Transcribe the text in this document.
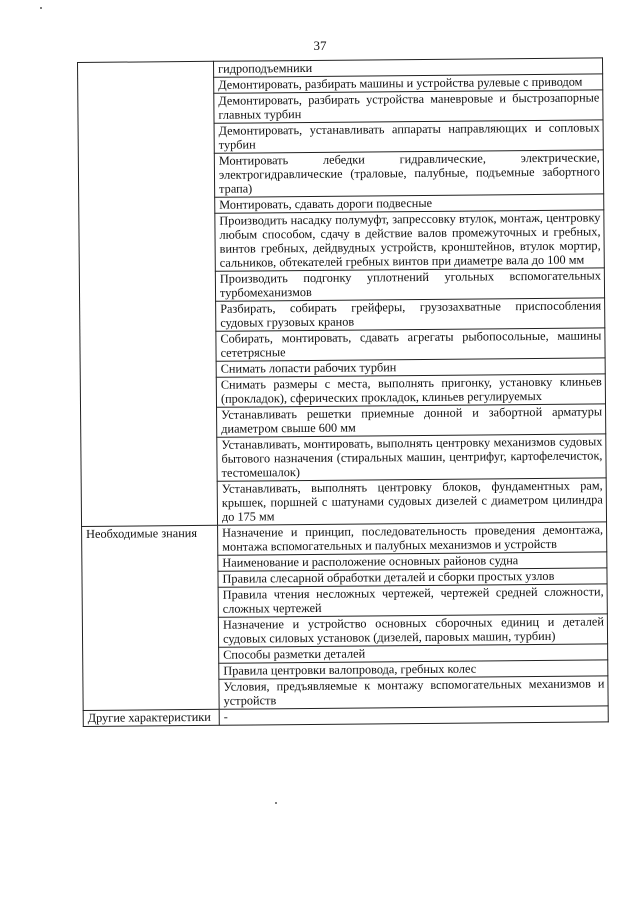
37
	гидроподъемники
	Демонтировать, разбирать машины и устройства рулевые с приводом
	Демонтировать, разбирать устройства маневровые и быстрозапорные главных турбин
	Демонтировать, устанавливать аппараты направляющих и сопловых турбин
	Монтировать лебедки гидравлические, электрические, электрогидравлические (траловые, палубные, подъемные забортного трапа)
	Монтировать, сдавать дороги подвесные
	Производить насадку полумуфт, запрессовку втулок, монтаж, центровку любым способом, сдачу в действие валов промежуточных и гребных, винтов гребных, дейдвудных устройств, кронштейнов, втулок мортир, сальников, обтекателей гребных винтов при диаметре вала до 100 мм
	Производить подгонку уплотнений угольных вспомогательных турбомеханизмов
	Разбирать, собирать грейферы, грузозахватные приспособления судовых грузовых кранов
	Собирать, монтировать, сдавать агрегаты рыбопосольные, машины сететрясные
	Снимать лопасти рабочих турбин
	Снимать размеры с места, выполнять пригонку, установку клиньев (прокладок), сферических прокладок, клиньев регулируемых
	Устанавливать решетки приемные донной и забортной арматуры диаметром свыше 600 мм
	Устанавливать, монтировать, выполнять центровку механизмов судовых бытового назначения (стиральных машин, центрифуг, картофелечисток, тестомешалок)
	Устанавливать, выполнять центровку блоков, фундаментных рам, крышек, поршней с шатунами судовых дизелей с диаметром цилиндра до 175 мм
Необходимые знания	Назначение и принцип, последовательность проведения демонтажа, монтажа вспомогательных и палубных механизмов и устройств
	Наименование и расположение основных районов судна
	Правила слесарной обработки деталей и сборки простых узлов
	Правила чтения несложных чертежей, чертежей средней сложности, сложных чертежей
	Назначение и устройство основных сборочных единиц и деталей судовых силовых установок (дизелей, паровых машин, турбин)
	Способы разметки деталей
	Правила центровки валопровода, гребных колес
	Условия, предъявляемые к монтажу вспомогательных механизмов и устройств
Другие характеристики	-
